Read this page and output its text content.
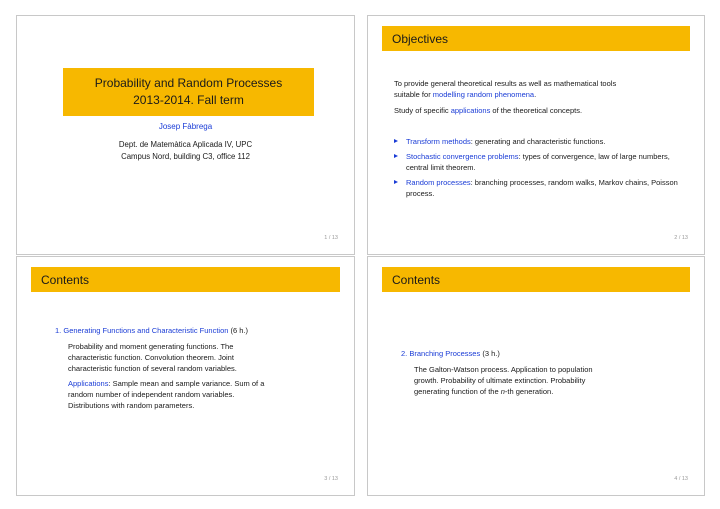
Probability and Random Processes
2013-2014. Fall term
Josep Fàbrega
Dept. de Matemàtica Aplicada IV, UPC
Campus Nord, building C3, office 112
1 / 13
Objectives
To provide general theoretical results as well as mathematical tools
suitable for modelling random phenomena.
Study of specific applications of the theoretical concepts.
Transform methods: generating and characteristic functions.
Stochastic convergence problems: types of convergence, law of large numbers, central limit theorem.
Random processes: branching processes, random walks, Markov chains, Poisson process.
2 / 13
Contents
1. Generating Functions and Characteristic Function (6 h.)

Probability and moment generating functions. The characteristic function. Convolution theorem. Joint characteristic function of several random variables.

Applications: Sample mean and sample variance. Sum of a random number of independent random variables. Distributions with random parameters.

3 / 13
Contents
2. Branching Processes (3 h.)

The Galton-Watson process. Application to population growth. Probability of ultimate extinction. Probability generating function of the n-th generation.

4 / 13
